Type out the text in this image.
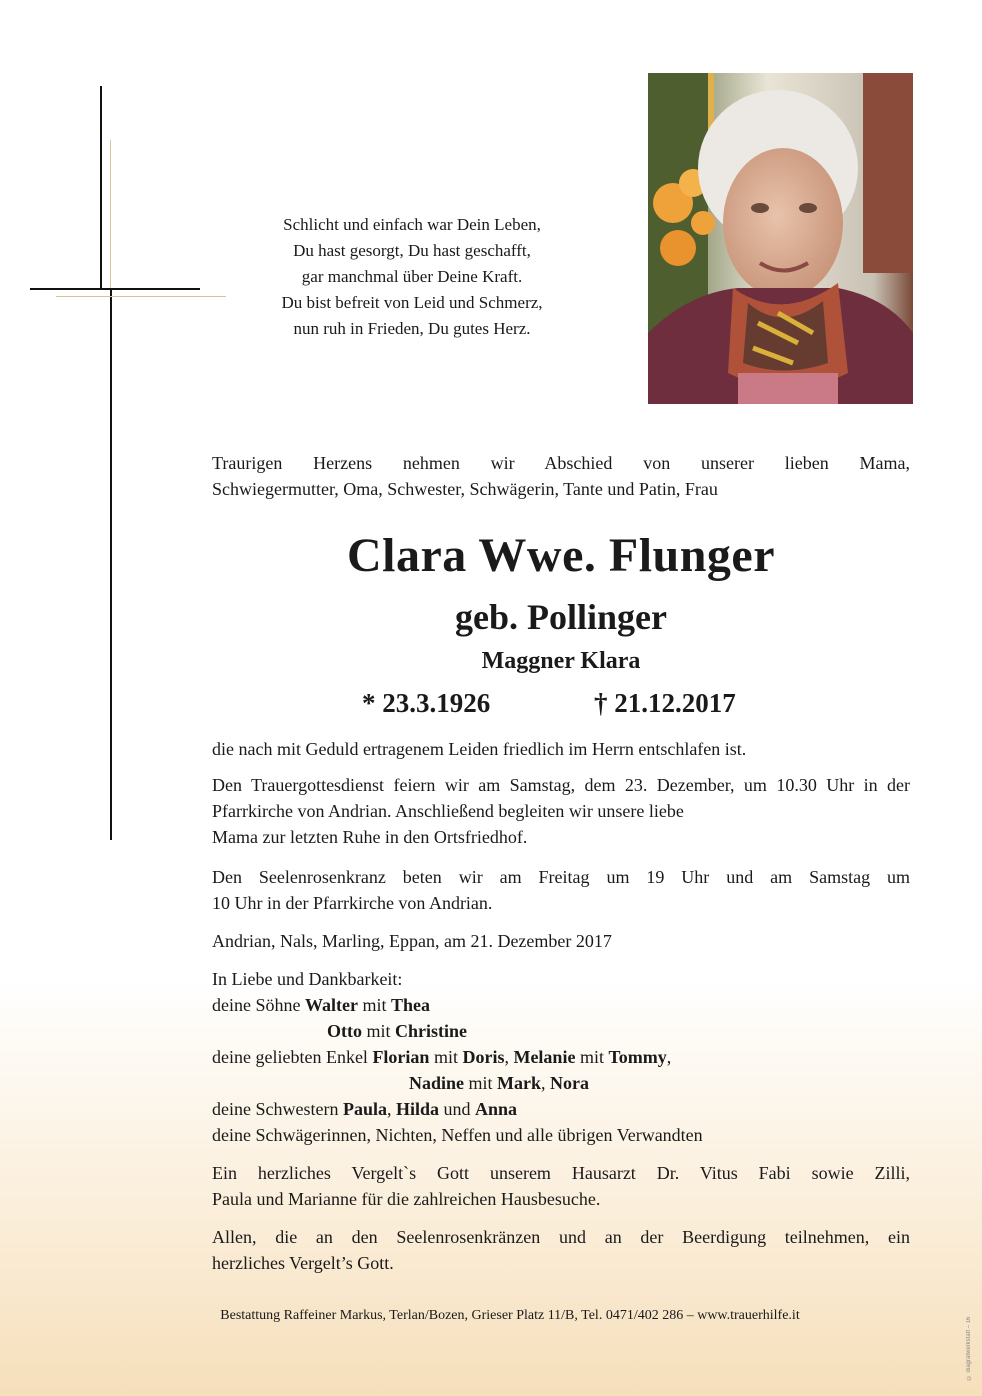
Schlicht und einfach war Dein Leben,
Du hast gesorgt, Du hast geschafft,
gar manchmal über Deine Kraft.
Du bist befreit von Leid und Schmerz,
nun ruh in Frieden, Du gutes Herz.
Traurigen Herzens nehmen wir Abschied von unserer lieben Mama,
Schwiegermutter, Oma, Schwester, Schwägerin, Tante und Patin, Frau
Clara Wwe. Flunger
geb. Pollinger
Maggner Klara
* 23.3.1926	† 21.12.2017
die nach mit Geduld ertragenem Leiden friedlich im Herrn entschlafen ist.
Den Trauergottesdienst feiern wir am Samstag, dem 23. Dezember, um 10.30 Uhr in der Pfarrkirche von Andrian. Anschließend begleiten wir unsere liebe
Mama zur letzten Ruhe in den Ortsfriedhof.
Den Seelenrosenkranz beten wir am Freitag um 19 Uhr und am Samstag um
10 Uhr in der Pfarrkirche von Andrian.
Andrian, Nals, Marling, Eppan, am 21. Dezember 2017
In Liebe und Dankbarkeit:
deine Söhne Walter mit Thea
Otto mit Christine
deine geliebten Enkel Florian mit Doris, Melanie mit Tommy,
Nadine mit Mark, Nora
deine Schwestern Paula, Hilda und Anna
deine Schwägerinnen, Nichten, Neffen und alle übrigen Verwandten
Ein herzliches Vergelt`s Gott unserem Hausarzt Dr. Vitus Fabi sowie Zilli,
Paula und Marianne für die zahlreichen Hausbesuche.
Allen, die an den Seelenrosenkränzen und an der Beerdigung teilnehmen, ein
herzliches Vergelt’s Gott.
Bestattung Raffeiner Markus, Terlan/Bozen, Grieser Platz 11/B, Tel. 0471/402 286 – www.trauerhilfe.it
© diagrafwerkstatt – 16
